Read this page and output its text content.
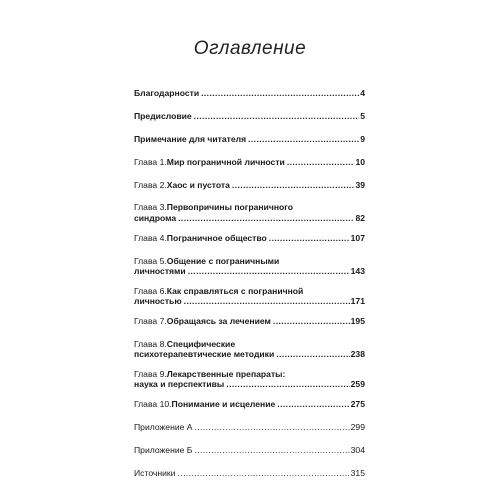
Оглавление
Благодарности .....	4
Предисловие .....	5
Примечание для читателя .....	9
Глава 1. Мир пограничной личности .....	10
Глава 2. Хаос и пустота .....	39
Глава 3. Первопричины пограничного
синдрома .....	82
Глава 4. Пограничное общество .....	107
Глава 5. Общение с пограничными
личностями .....	143
Глава 6. Как справляться с пограничной
личностью .....	171
Глава 7. Обращаясь за лечением .....	195
Глава 8. Специфические
психотерапевтические методики .....	238
Глава 9. Лекарственные препараты:
наука и перспективы .....	259
Глава 10. Понимание и исцеление .....	275
Приложение А .....	299
Приложение Б .....	304
Источники .....	315
